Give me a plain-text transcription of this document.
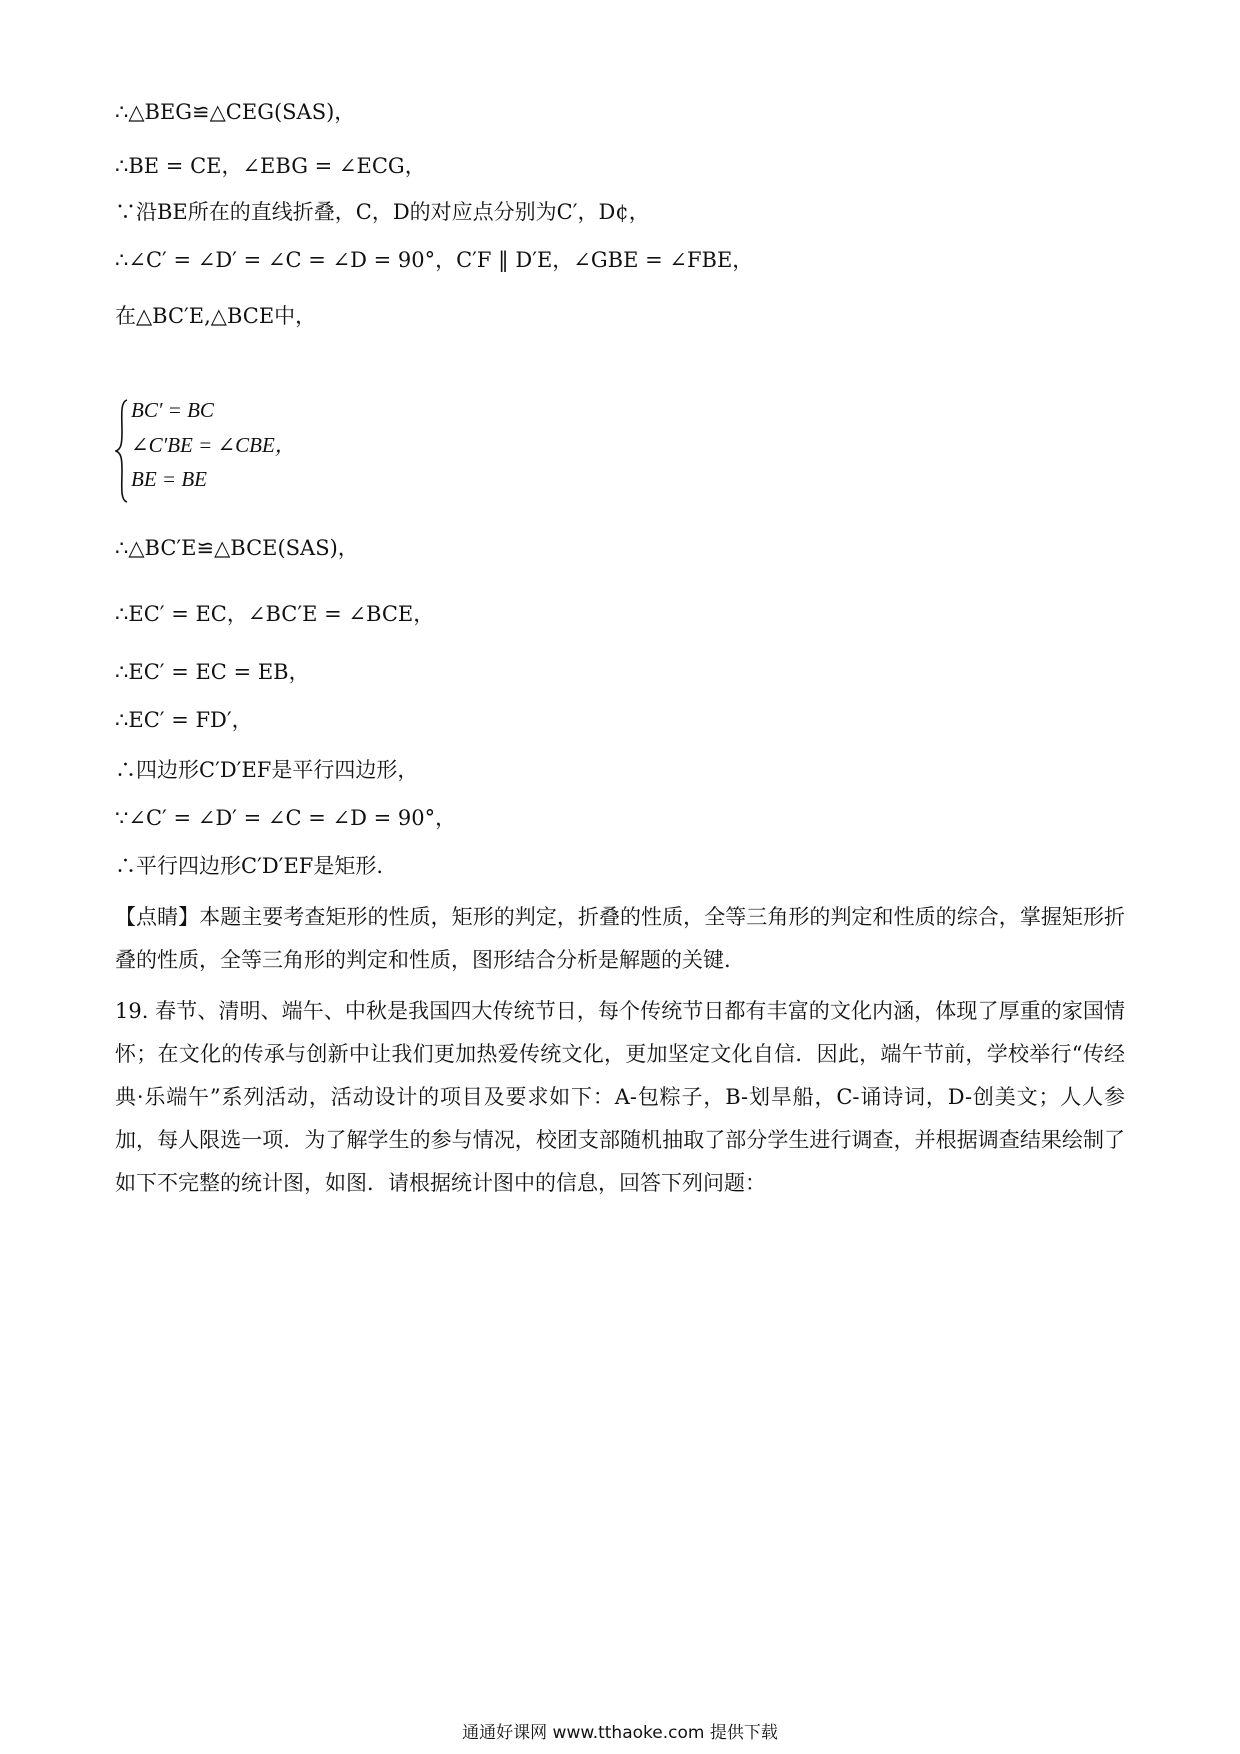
∴△BEG≌△CEG(SAS)，
∴BE = CE，∠EBG = ∠ECG，
∵沿BE所在的直线折叠，C，D的对应点分别为C′，D¢，
∴∠C′ = ∠D′ = ∠C = ∠D = 90°，C′F ‖ D′E，∠GBE = ∠FBE，
在△BC′E,△BCE中，
BC′ = BC
∠C′BE = ∠CBE，
BE = BE
∴△BC′E≌△BCE(SAS)，
∴EC′ = EC，∠BC′E = ∠BCE，
∴EC′ = EC = EB，
∴EC′ = FD′，
∴四边形C′D′EF是平行四边形，
∵∠C′ = ∠D′ = ∠C = ∠D = 90°，
∴平行四边形C′D′EF是矩形.
【点睛】本题主要考查矩形的性质，矩形的判定，折叠的性质，全等三角形的判定和性质的综合，掌握矩形折叠的性质，全等三角形的判定和性质，图形结合分析是解题的关键.
19. 春节、清明、端午、中秋是我国四大传统节日，每个传统节日都有丰富的文化内涵，体现了厚重的家国情怀；在文化的传承与创新中让我们更加热爱传统文化，更加坚定文化自信．因此，端午节前，学校举行“传经典·乐端午”系列活动，活动设计的项目及要求如下：A-包粽子，B-划旱船，C-诵诗词，D-创美文；人人参加，每人限选一项．为了解学生的参与情况，校团支部随机抽取了部分学生进行调查，并根据调查结果绘制了如下不完整的统计图，如图．请根据统计图中的信息，回答下列问题：
通通好课网 www.tthaoke.com 提供下载
